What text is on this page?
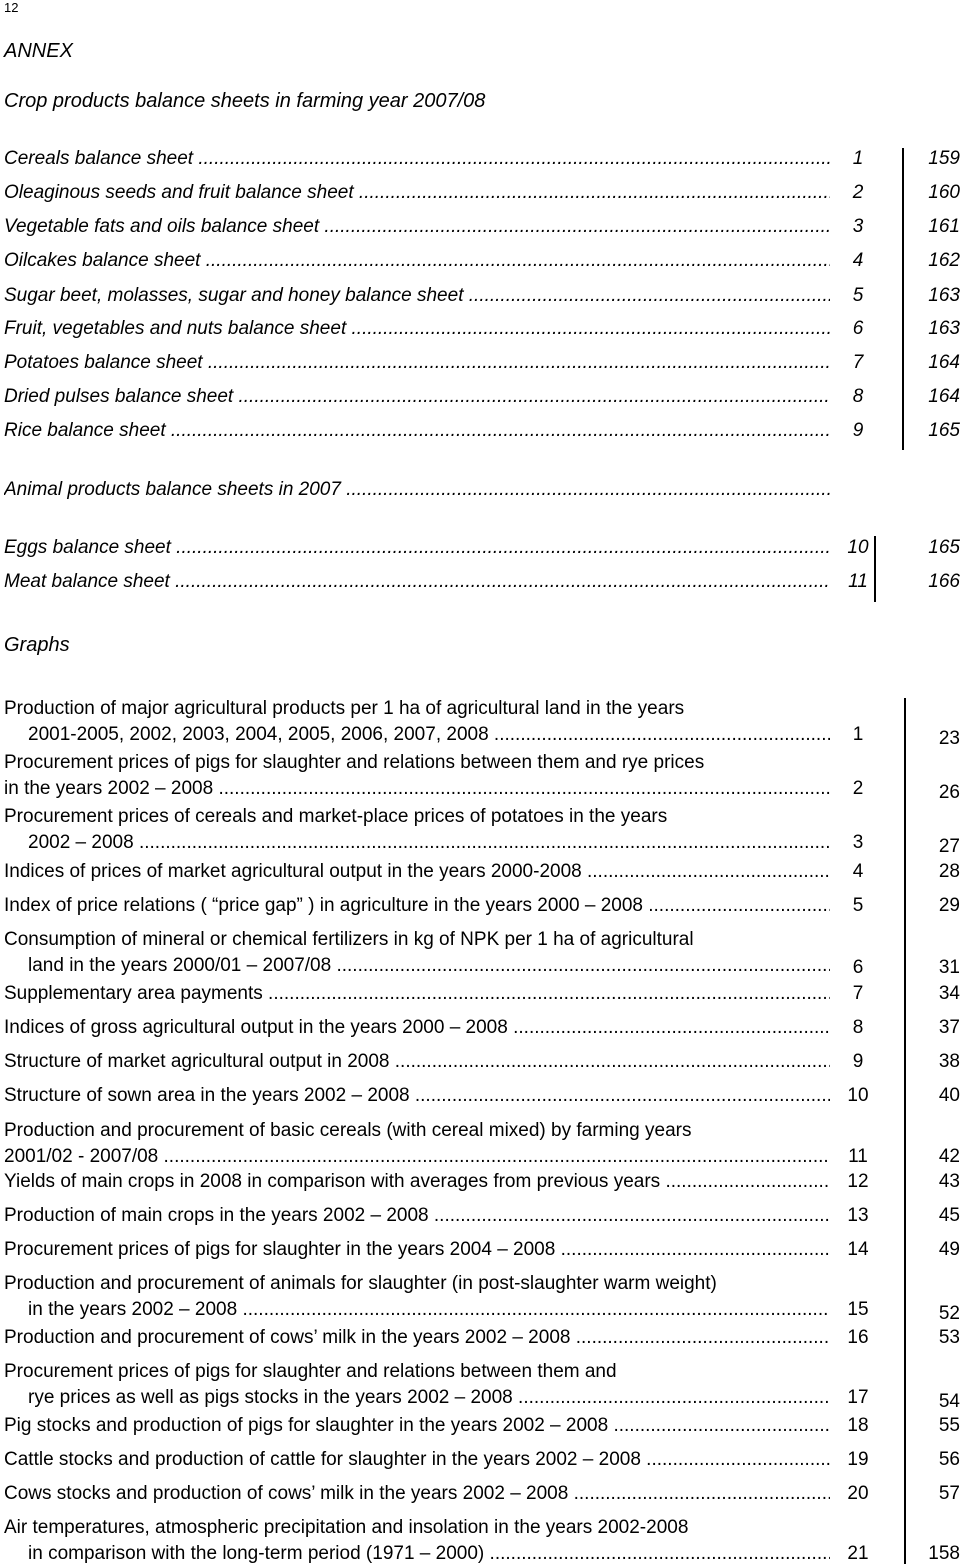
12
ANNEX
Crop products balance sheets in farming year 2007/08
Cereals balance sheet .....	1	159
Oleaginous seeds and fruit balance sheet .....	2	160
Vegetable fats and oils balance sheet .....	3	161
Oilcakes balance sheet .....	4	162
Sugar beet, molasses, sugar and honey balance sheet .....	5	163
Fruit, vegetables and nuts balance sheet .....	6	163
Potatoes balance sheet .....	7	164
Dried pulses balance sheet .....	8	164
Rice balance sheet .....	9	165
Animal products balance sheets in 2007 .....
Eggs balance sheet .....	10	165
Meat balance sheet .....	11	166
Graphs
Production of major agricultural products per 1 ha of agricultural land in the years
2001-2005, 2002, 2003, 2004, 2005, 2006, 2007, 2008 .....	1	23
Procurement prices of pigs for slaughter and relations between them and rye prices
in the years 2002 – 2008 .....	2	26
Procurement prices of cereals and market-place prices of potatoes in the years
2002 – 2008 .....	3	27
Indices of prices of market agricultural output in the years 2000-2008 .....	4	28
Index of price relations ( “price gap” ) in agriculture in the years 2000 – 2008 .....	5	29
Consumption of mineral or chemical fertilizers in kg of NPK per 1 ha of agricultural
land in the years 2000/01 – 2007/08 .....	6	31
Supplementary area payments .....	7	34
Indices of gross agricultural output in the years 2000 – 2008 .....	8	37
Structure of market agricultural output in 2008 .....	9	38
Structure of sown area in the years 2002 – 2008 .....	10	40
Production and procurement of basic cereals (with cereal mixed) by farming years
2001/02 - 2007/08 .....	11	42
Yields of main crops in 2008 in comparison with averages from previous years .....	12	43
Production of main crops in the years 2002 – 2008 .....	13	45
Procurement prices of pigs for slaughter in the years 2004 – 2008 .....	14	49
Production and procurement of animals for slaughter (in post-slaughter warm weight)
in the years 2002 – 2008 .....	15	52
Production and procurement of cows’ milk in the years 2002 – 2008 .....	16	53
Procurement prices of pigs for slaughter and relations between them and
rye prices as well as pigs stocks in the years 2002 – 2008 .....	17	54
Pig stocks and production of pigs for slaughter in the years 2002 – 2008 .....	18	55
Cattle stocks and production of cattle for slaughter in the years 2002 – 2008 .....	19	56
Cows stocks and production of cows’ milk in the years 2002 – 2008 .....	20	57
Air temperatures, atmospheric precipitation and insolation in the years 2002-2008
in comparison with the long-term period (1971 – 2000) .....	21	158
